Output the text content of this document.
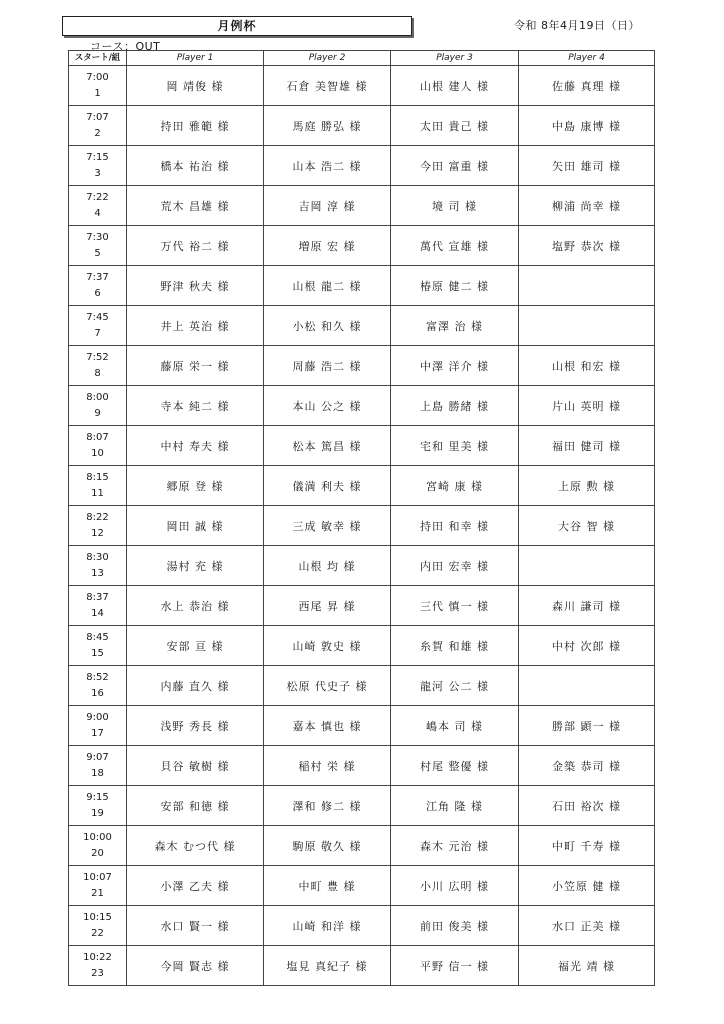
月例杯	令和 8年4月19日（日）
コース：OUT
スタート/組	Player 1	Player 2	Player 3	Player 4

7:00
1	岡 靖俊 様	石倉 美智雄 様	山根 建人 様	佐藤 真理 様

7:07
2	持田 雅範 様	馬庭 勝弘 様	太田 貴己 様	中島 康博 様

7:15
3	橋本 祐治 様	山本 浩二 様	今田 富重 様	矢田 雄司 様

7:22
4	荒木 昌雄 様	吉岡 淳 様	境 司 様	柳浦 尚幸 様

7:30
5	万代 裕二 様	増原 宏 様	萬代 宣雄 様	塩野 恭次 様

7:37
6	野津 秋夫 様	山根 龍二 様	椿原 健二 様	

7:45
7	井上 英治 様	小松 和久 様	富澤 治 様	

7:52
8	藤原 栄一 様	周藤 浩二 様	中澤 洋介 様	山根 和宏 様

8:00
9	寺本 純二 様	本山 公之 様	上島 勝緒 様	片山 英明 様

8:07
10	中村 寿夫 様	松本 篤昌 様	宅和 里美 様	福田 健司 様

8:15
11	郷原 登 様	儀満 利夫 様	宮崎 康 様	上原 勲 様

8:22
12	岡田 誠 様	三成 敏幸 様	持田 和幸 様	大谷 智 様

8:30
13	湯村 充 様	山根 均 様	内田 宏幸 様	

8:37
14	水上 恭治 様	西尾 昇 様	三代 慎一 様	森川 謙司 様

8:45
15	安部 亘 様	山崎 敦史 様	糸賀 和雄 様	中村 次郎 様

8:52
16	内藤 直久 様	松原 代史子 様	龍河 公二 様	

9:00
17	浅野 秀長 様	嘉本 慎也 様	嶋本 司 様	勝部 顕一 様

9:07
18	貝谷 敏樹 様	稲村 栄 様	村尾 整優 様	金築 恭司 様

9:15
19	安部 和徳 様	澤和 修二 様	江角 隆 様	石田 裕次 様

10:00
20	森木 むつ代 様	駒原 敬久 様	森木 元治 様	中町 千寿 様

10:07
21	小澤 乙夫 様	中町 豊 様	小川 広明 様	小笠原 健 様

10:15
22	水口 賢一 様	山崎 和洋 様	前田 俊美 様	水口 正美 様

10:22
23	今岡 賢志 様	塩見 真紀子 様	平野 信一 様	福光 靖 様
